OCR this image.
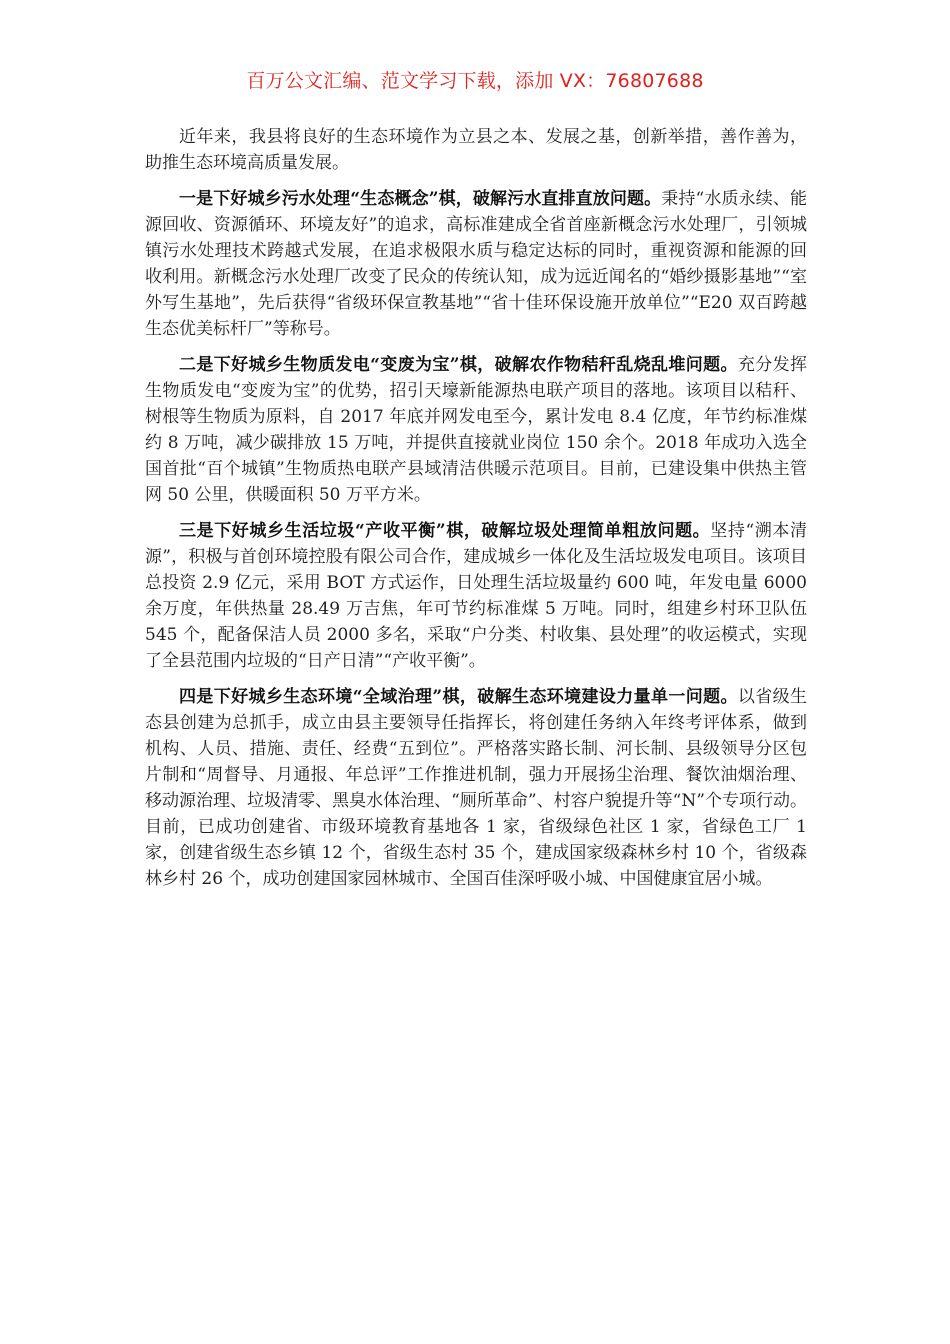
百万公文汇编、范文学习下载，添加 VX：76807688

近年来，我县将良好的生态环境作为立县之本、发展之基，创新举措，善作善为，助推生态环境高质量发展。

一是下好城乡污水处理“生态概念”棋，破解污水直排直放问题。秉持“水质永续、能源回收、资源循环、环境友好”的追求，高标准建成全省首座新概念污水处理厂，引领城镇污水处理技术跨越式发展，在追求极限水质与稳定达标的同时，重视资源和能源的回收利用。新概念污水处理厂改变了民众的传统认知，成为远近闻名的“婚纱摄影基地”“室外写生基地”，先后获得“省级环保宣教基地”“省十佳环保设施开放单位”“E20 双百跨越生态优美标杆厂”等称号。

二是下好城乡生物质发电“变废为宝”棋，破解农作物秸秆乱烧乱堆问题。充分发挥生物质发电“变废为宝”的优势，招引天壕新能源热电联产项目的落地。该项目以秸秆、树根等生物质为原料，自 2017 年底并网发电至今，累计发电 8.4 亿度，年节约标准煤约 8 万吨，减少碳排放 15 万吨，并提供直接就业岗位 150 余个。2018 年成功入选全国首批“百个城镇”生物质热电联产县域清洁供暖示范项目。目前，已建设集中供热主管网 50 公里，供暖面积 50 万平方米。

三是下好城乡生活垃圾“产收平衡”棋，破解垃圾处理简单粗放问题。坚持“溯本清源”，积极与首创环境控股有限公司合作，建成城乡一体化及生活垃圾发电项目。该项目总投资 2.9 亿元，采用 BOT 方式运作，日处理生活垃圾量约 600 吨，年发电量 6000 余万度，年供热量 28.49 万吉焦，年可节约标准煤 5 万吨。同时，组建乡村环卫队伍 545 个，配备保洁人员 2000 多名，采取“户分类、村收集、县处理”的收运模式，实现了全县范围内垃圾的“日产日清”“产收平衡”。

四是下好城乡生态环境“全域治理”棋，破解生态环境建设力量单一问题。以省级生态县创建为总抓手，成立由县主要领导任指挥长，将创建任务纳入年终考评体系，做到机构、人员、措施、责任、经费“五到位”。严格落实路长制、河长制、县级领导分区包片制和“周督导、月通报、年总评”工作推进机制，强力开展扬尘治理、餐饮油烟治理、移动源治理、垃圾清零、黑臭水体治理、“厕所革命”、村容户貌提升等“N”个专项行动。目前，已成功创建省、市级环境教育基地各 1 家，省级绿色社区 1 家，省绿色工厂 1 家，创建省级生态乡镇 12 个，省级生态村 35 个，建成国家级森林乡村 10 个，省级森林乡村 26 个，成功创建国家园林城市、全国百佳深呼吸小城、中国健康宜居小城。
